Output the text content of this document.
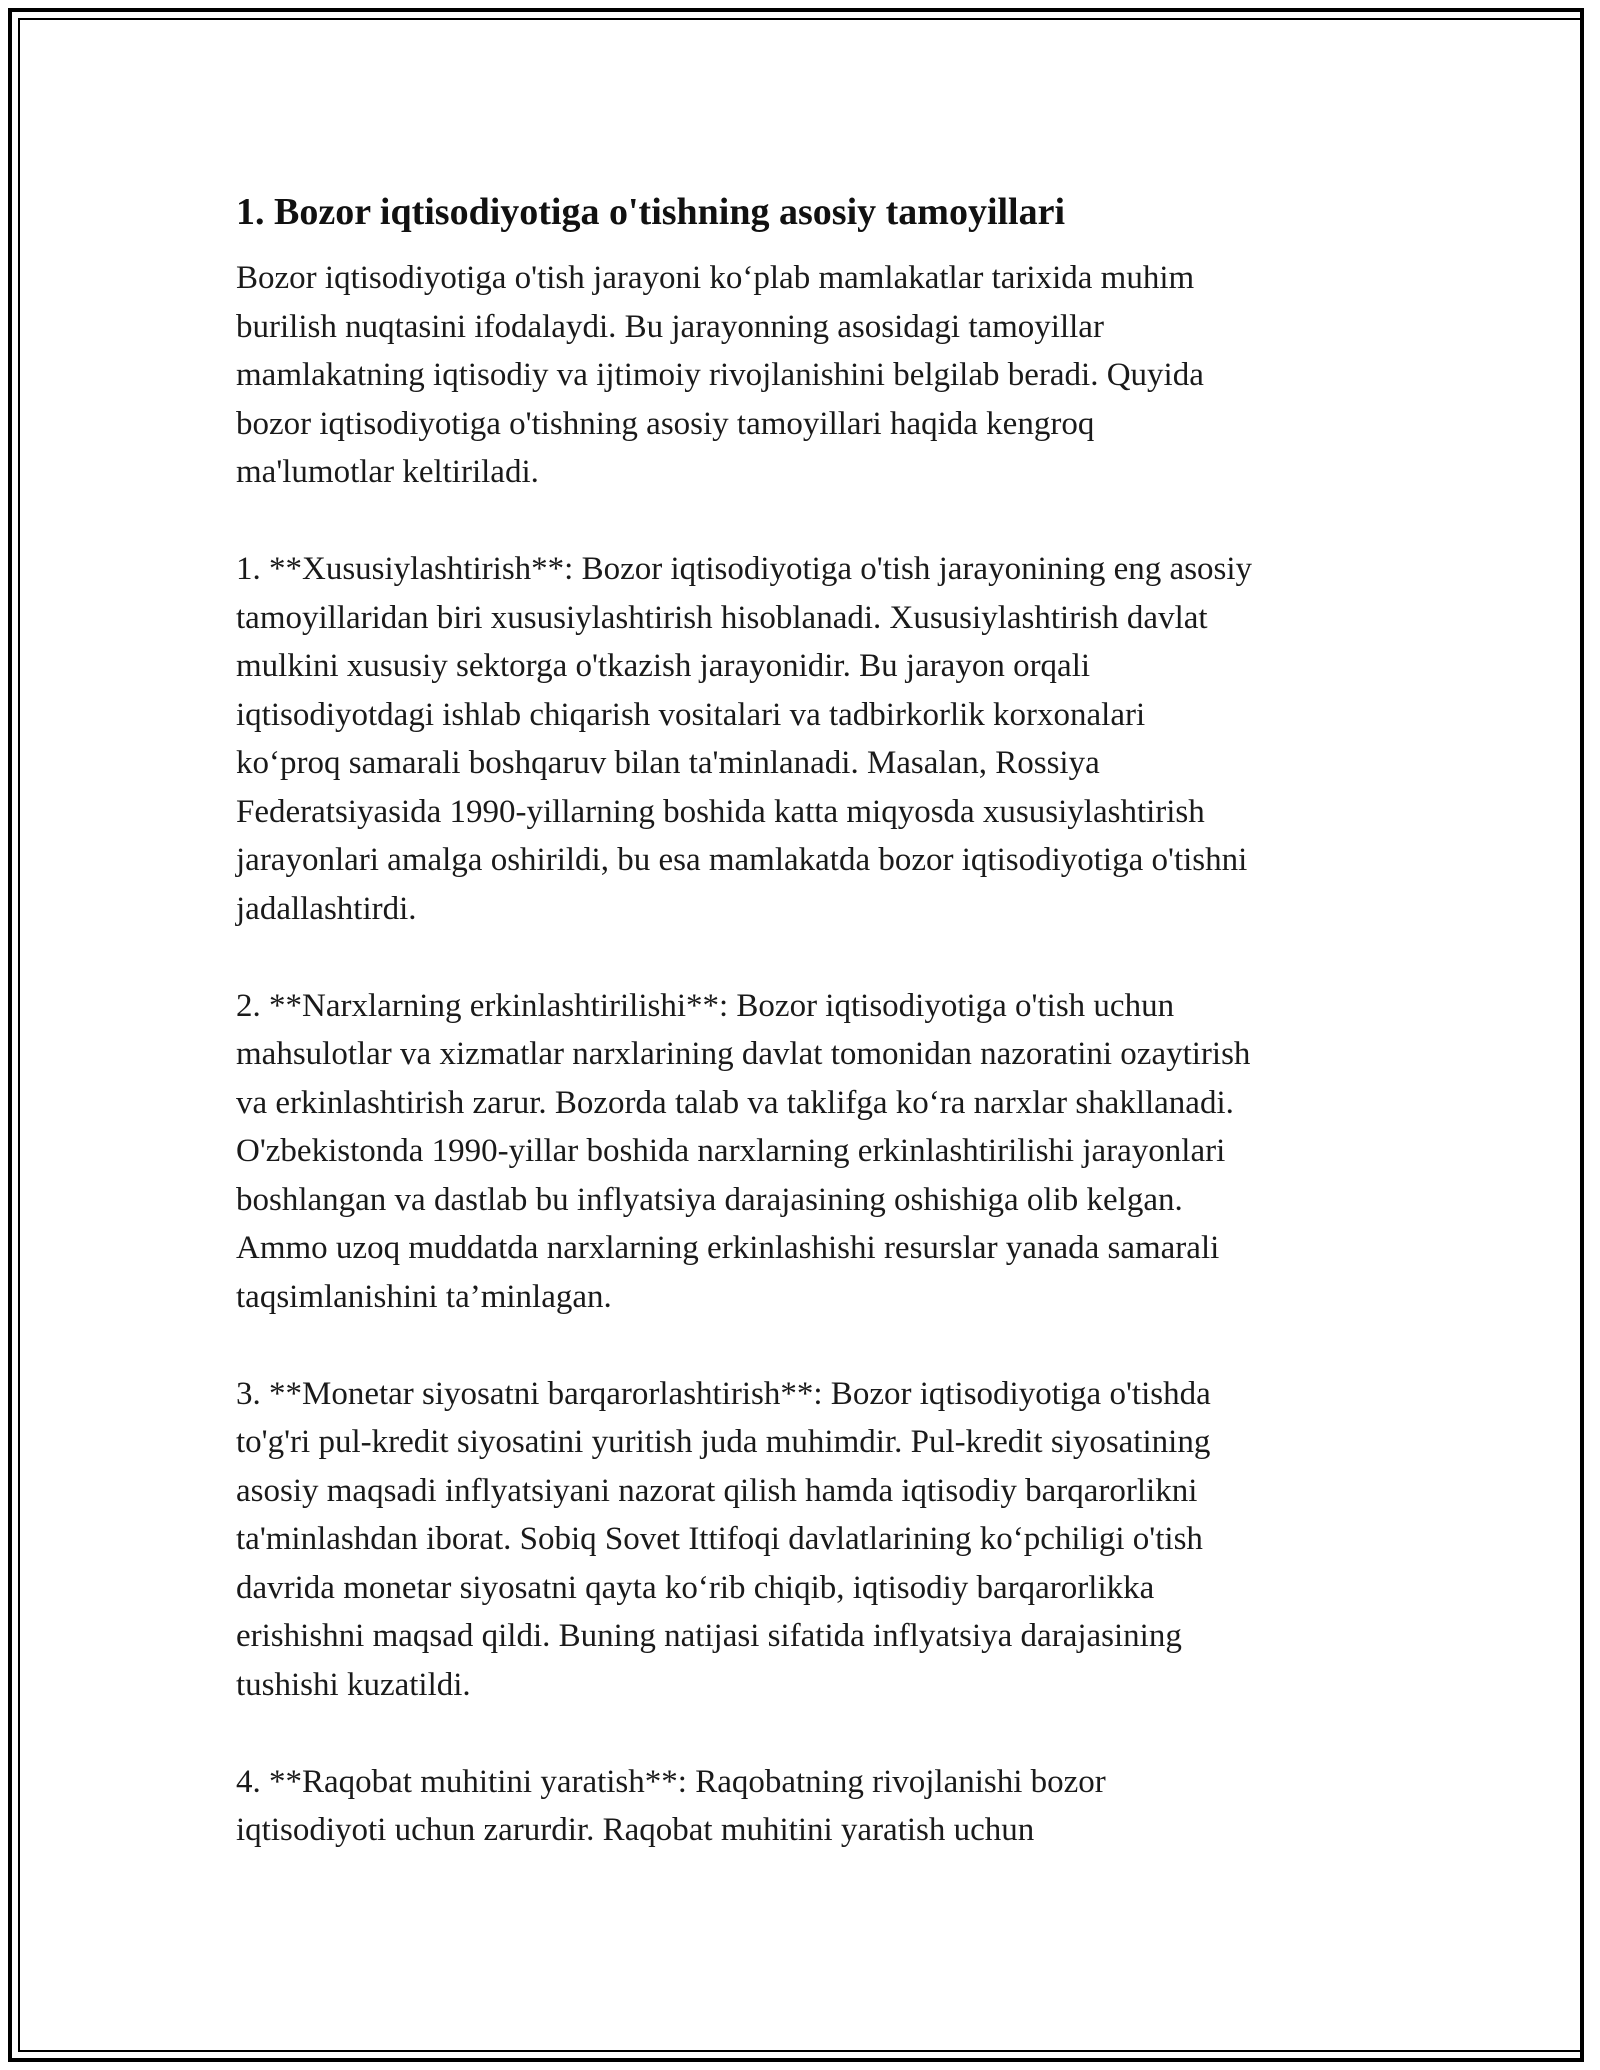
1. Bozor iqtisodiyotiga o'tishning asosiy tamoyillari

Bozor iqtisodiyotiga o'tish jarayoni ko‘plab mamlakatlar tarixida muhim
burilish nuqtasini ifodalaydi. Bu jarayonning asosidagi tamoyillar
mamlakatning iqtisodiy va ijtimoiy rivojlanishini belgilab beradi. Quyida
bozor iqtisodiyotiga o'tishning asosiy tamoyillari haqida kengroq
ma'lumotlar keltiriladi.

1. **Xususiylashtirish**: Bozor iqtisodiyotiga o'tish jarayonining eng asosiy
tamoyillaridan biri xususiylashtirish hisoblanadi. Xususiylashtirish davlat
mulkini xususiy sektorga o'tkazish jarayonidir. Bu jarayon orqali
iqtisodiyotdagi ishlab chiqarish vositalari va tadbirkorlik korxonalari
ko‘proq samarali boshqaruv bilan ta'minlanadi. Masalan, Rossiya
Federatsiyasida 1990-yillarning boshida katta miqyosda xususiylashtirish
jarayonlari amalga oshirildi, bu esa mamlakatda bozor iqtisodiyotiga o'tishni
jadallashtirdi.

2. **Narxlarning erkinlashtirilishi**: Bozor iqtisodiyotiga o'tish uchun
mahsulotlar va xizmatlar narxlarining davlat tomonidan nazoratini ozaytirish
va erkinlashtirish zarur. Bozorda talab va taklifga ko‘ra narxlar shakllanadi.
O'zbekistonda 1990-yillar boshida narxlarning erkinlashtirilishi jarayonlari
boshlangan va dastlab bu inflyatsiya darajasining oshishiga olib kelgan.
Ammo uzoq muddatda narxlarning erkinlashishi resurslar yanada samarali
taqsimlanishini ta’minlagan.

3. **Monetar siyosatni barqarorlashtirish**: Bozor iqtisodiyotiga o'tishda
to'g'ri pul-kredit siyosatini yuritish juda muhimdir. Pul-kredit siyosatining
asosiy maqsadi inflyatsiyani nazorat qilish hamda iqtisodiy barqarorlikni
ta'minlashdan iborat. Sobiq Sovet Ittifoqi davlatlarining ko‘pchiligi o'tish
davrida monetar siyosatni qayta ko‘rib chiqib, iqtisodiy barqarorlikka
erishishni maqsad qildi. Buning natijasi sifatida inflyatsiya darajasining
tushishi kuzatildi.

4. **Raqobat muhitini yaratish**: Raqobatning rivojlanishi bozor
iqtisodiyoti uchun zarurdir. Raqobat muhitini yaratish uchun
